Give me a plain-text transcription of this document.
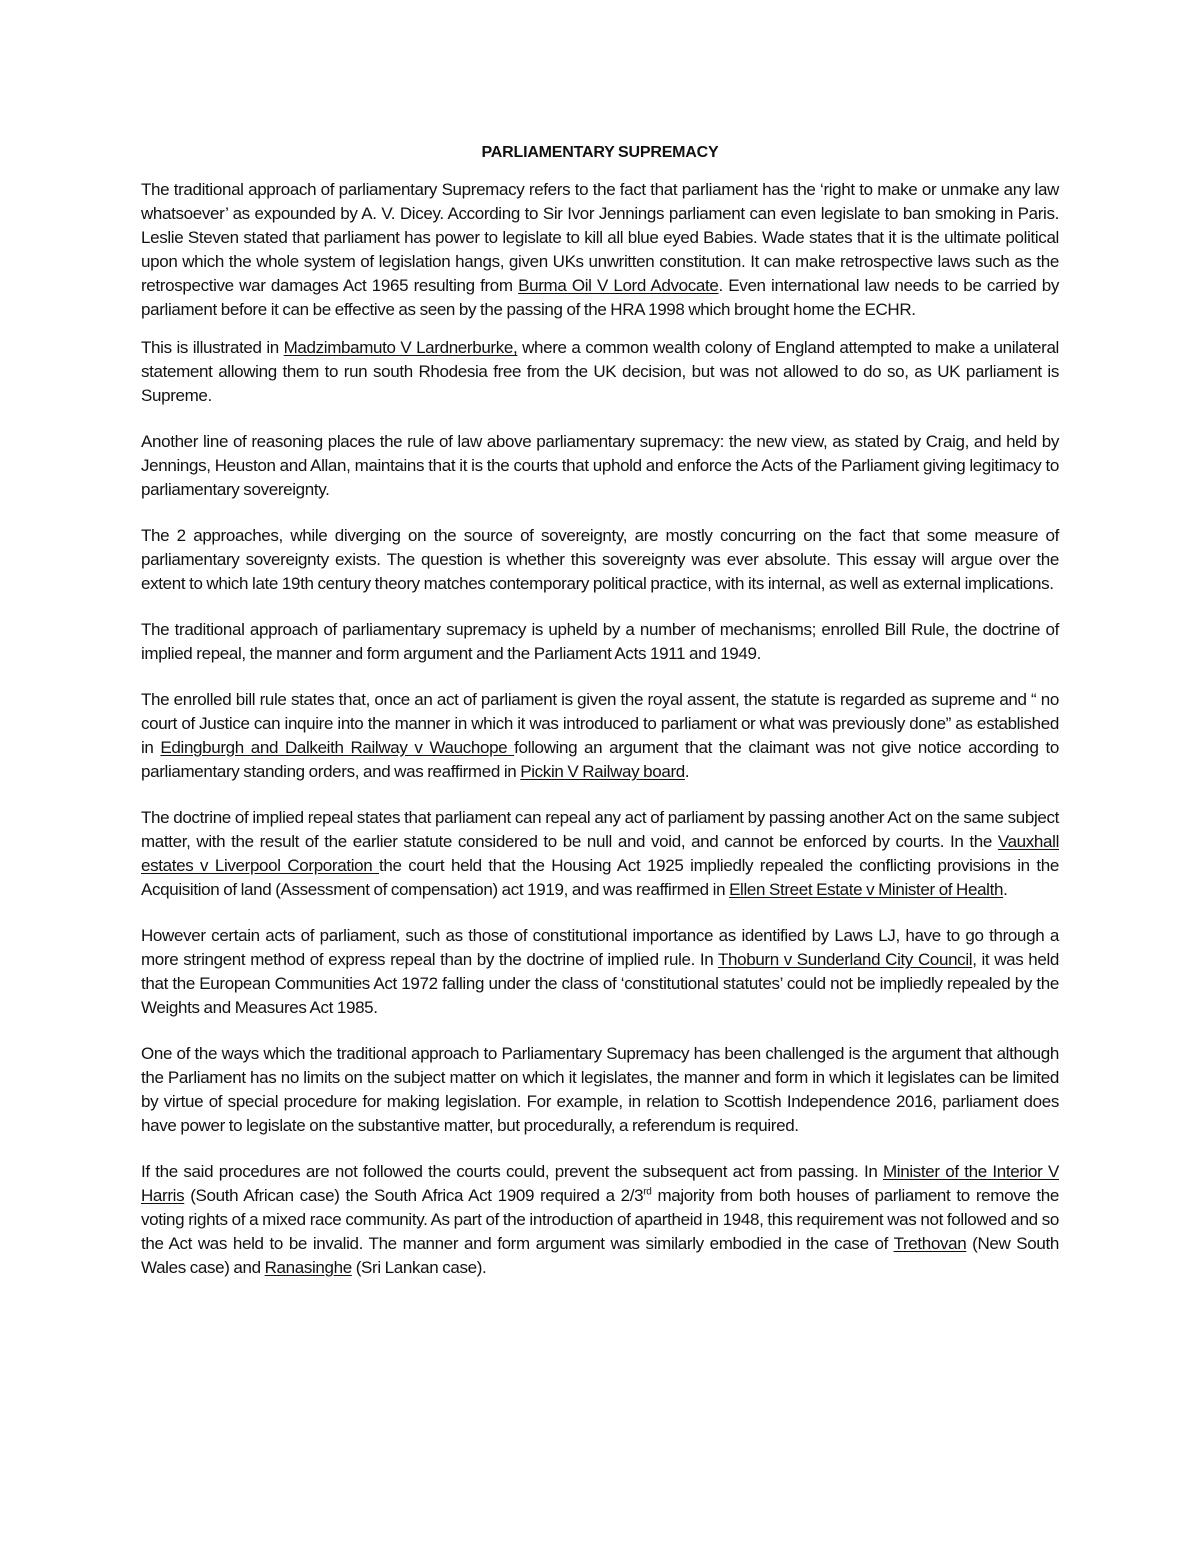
PARLIAMENTARY SUPREMACY

The traditional approach of parliamentary Supremacy refers to the fact that parliament has the ‘right to make or unmake any law whatsoever’ as expounded by A. V. Dicey. According to Sir Ivor Jennings parliament can even legislate to ban smoking in Paris. Leslie Steven stated that parliament has power to legislate to kill all blue eyed Babies. Wade states that it is the ultimate political upon which the whole system of legislation hangs, given UKs unwritten constitution. It can make retrospective laws such as the retrospective war damages Act 1965 resulting from Burma Oil V Lord Advocate. Even international law needs to be carried by parliament before it can be effective as seen by the passing of the HRA 1998 which brought home the ECHR.

This is illustrated in Madzimbamuto V Lardnerburke, where a common wealth colony of England attempted to make a unilateral statement allowing them to run south Rhodesia free from the UK decision, but was not allowed to do so, as UK parliament is Supreme.

Another line of reasoning places the rule of law above parliamentary supremacy: the new view, as stated by Craig, and held by Jennings, Heuston and Allan, maintains that it is the courts that uphold and enforce the Acts of the Parliament giving legitimacy to parliamentary sovereignty.

The 2 approaches, while diverging on the source of sovereignty, are mostly concurring on the fact that some measure of parliamentary sovereignty exists. The question is whether this sovereignty was ever absolute. This essay will argue over the extent to which late 19th century theory matches contemporary political practice, with its internal, as well as external implications.

The traditional approach of parliamentary supremacy is upheld by a number of mechanisms; enrolled Bill Rule, the doctrine of implied repeal, the manner and form argument and the Parliament Acts 1911 and 1949.

The enrolled bill rule states that, once an act of parliament is given the royal assent, the statute is regarded as supreme and “ no court of Justice can inquire into the manner in which it was introduced to parliament or what was previously done” as established in Edingburgh and Dalkeith Railway v Wauchope following an argument that the claimant was not give notice according to parliamentary standing orders, and was reaffirmed in Pickin V Railway board.

The doctrine of implied repeal states that parliament can repeal any act of parliament by passing another Act on the same subject matter, with the result of the earlier statute considered to be null and void, and cannot be enforced by courts. In the Vauxhall estates v Liverpool Corporation the court held that the Housing Act 1925 impliedly repealed the conflicting provisions in the Acquisition of land (Assessment of compensation) act 1919, and was reaffirmed in Ellen Street Estate v Minister of Health.

However certain acts of parliament, such as those of constitutional importance as identified by Laws LJ, have to go through a more stringent method of express repeal than by the doctrine of implied rule. In Thoburn v Sunderland City Council, it was held that the European Communities Act 1972 falling under the class of ‘constitutional statutes’ could not be impliedly repealed by the Weights and Measures Act 1985.

One of the ways which the traditional approach to Parliamentary Supremacy has been challenged is the argument that although the Parliament has no limits on the subject matter on which it legislates, the manner and form in which it legislates can be limited by virtue of special procedure for making legislation. For example, in relation to Scottish Independence 2016, parliament does have power to legislate on the substantive matter, but procedurally, a referendum is required.

If the said procedures are not followed the courts could, prevent the subsequent act from passing. In Minister of the Interior V Harris (South African case) the South Africa Act 1909 required a 2/3rd majority from both houses of parliament to remove the voting rights of a mixed race community. As part of the introduction of apartheid in 1948, this requirement was not followed and so the Act was held to be invalid. The manner and form argument was similarly embodied in the case of Trethovan (New South Wales case) and Ranasinghe (Sri Lankan case).
